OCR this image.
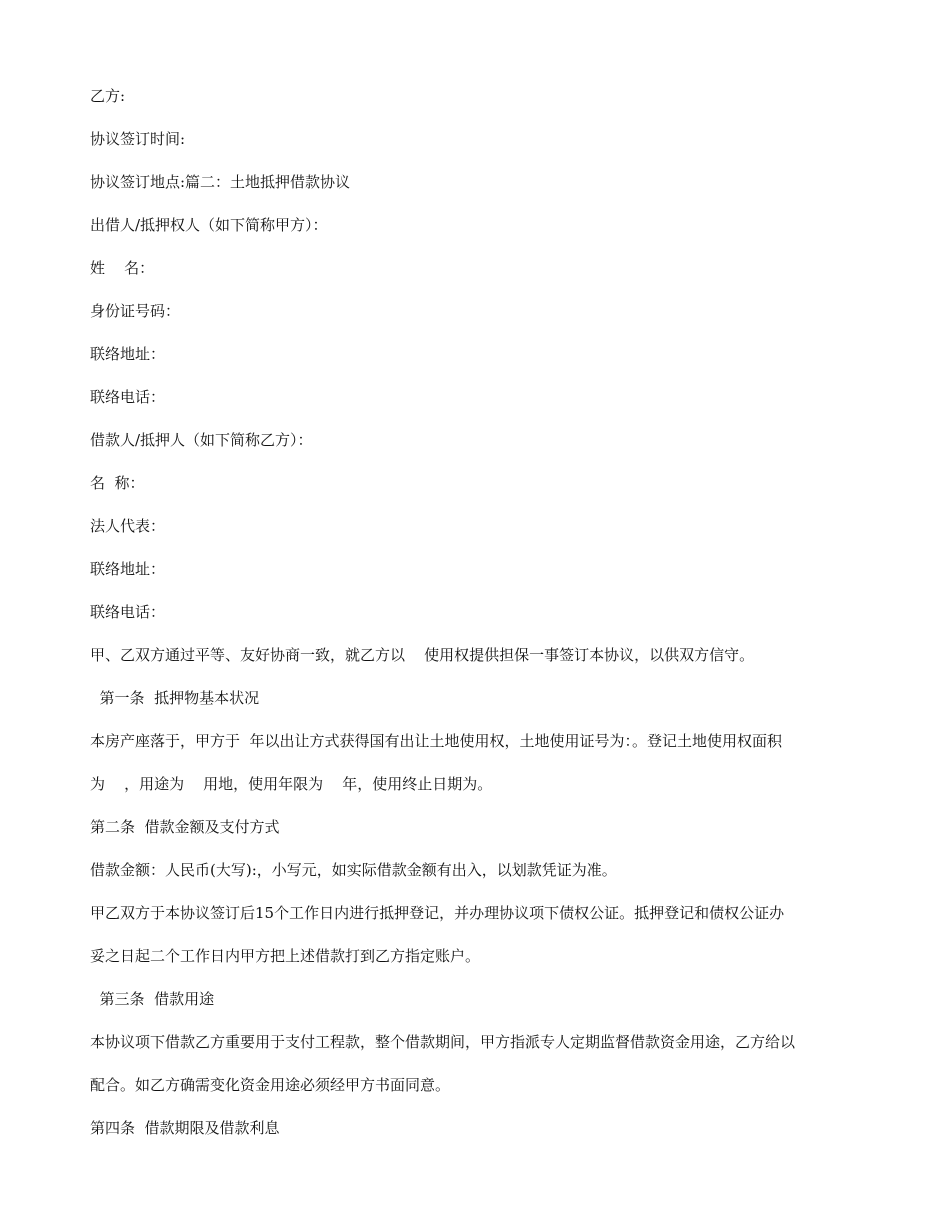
乙方:
协议签订时间:
协议签订地点:篇二：土地抵押借款协议
出借人/抵押权人（如下简称甲方）：
姓    名：
身份证号码：
联络地址：
联络电话：
借款人/抵押人（如下简称乙方）：
名  称：
法人代表：
联络地址：
联络电话：
甲、乙双方通过平等、友好协商一致，就乙方以    使用权提供担保一事签订本协议，以供双方信守。
第一条  抵押物基本状况
本房产座落于，甲方于  年以出让方式获得国有出让土地使用权，土地使用证号为：。登记土地使用权面积
为    ，用途为    用地，使用年限为    年，使用终止日期为。
第二条  借款金额及支付方式
借款金额：人民币(大写):，小写元，如实际借款金额有出入，以划款凭证为准。
甲乙双方于本协议签订后15个工作日内进行抵押登记，并办理协议项下债权公证。抵押登记和债权公证办
妥之日起二个工作日内甲方把上述借款打到乙方指定账户。
第三条  借款用途
本协议项下借款乙方重要用于支付工程款，整个借款期间，甲方指派专人定期监督借款资金用途，乙方给以
配合。如乙方确需变化资金用途必须经甲方书面同意。
第四条  借款期限及借款利息
